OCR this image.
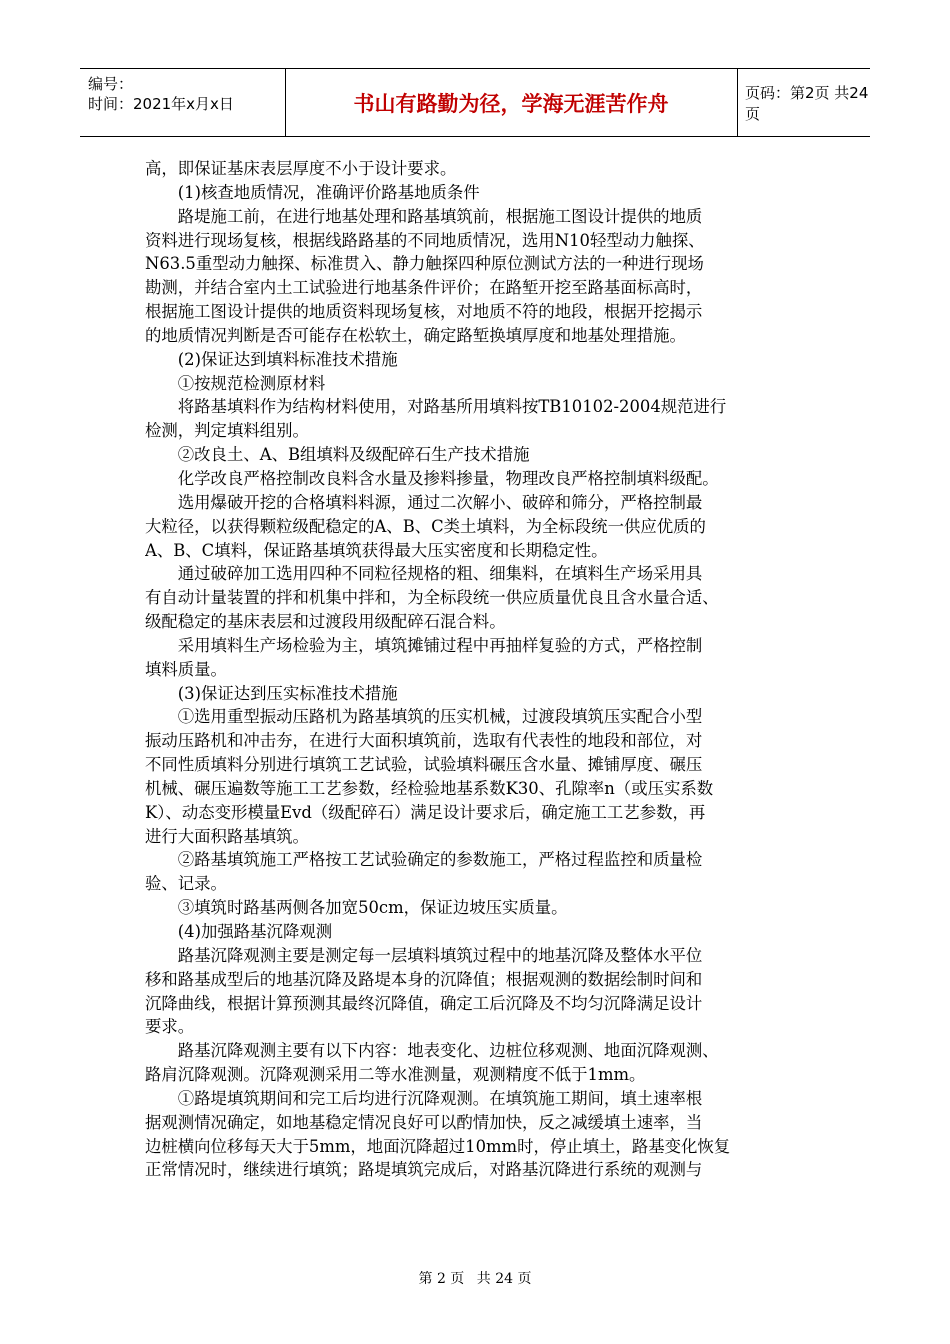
编号：
时间：2021年x月x日	书山有路勤为径，学海无涯苦作舟	页码：第2页 共24页
高，即保证基床表层厚度不小于设计要求。
　　(1)核查地质情况，准确评价路基地质条件
　　路堤施工前，在进行地基处理和路基填筑前，根据施工图设计提供的地质
资料进行现场复核，根据线路路基的不同地质情况，选用N10轻型动力触探、
N63.5重型动力触探、标准贯入、静力触探四种原位测试方法的一种进行现场
勘测，并结合室内土工试验进行地基条件评价；在路堑开挖至路基面标高时，
根据施工图设计提供的地质资料现场复核，对地质不符的地段，根据开挖揭示
的地质情况判断是否可能存在松软土，确定路堑换填厚度和地基处理措施。
　　(2)保证达到填料标准技术措施
　　①按规范检测原材料
　　将路基填料作为结构材料使用，对路基所用填料按TB10102-2004规范进行
检测，判定填料组别。
　　②改良土、A、B组填料及级配碎石生产技术措施
　　化学改良严格控制改良料含水量及掺料掺量，物理改良严格控制填料级配。
　　选用爆破开挖的合格填料料源，通过二次解小、破碎和筛分，严格控制最
大粒径，以获得颗粒级配稳定的A、B、C类土填料，为全标段统一供应优质的
A、B、C填料，保证路基填筑获得最大压实密度和长期稳定性。
　　通过破碎加工选用四种不同粒径规格的粗、细集料，在填料生产场采用具
有自动计量装置的拌和机集中拌和，为全标段统一供应质量优良且含水量合适、
级配稳定的基床表层和过渡段用级配碎石混合料。
　　采用填料生产场检验为主，填筑摊铺过程中再抽样复验的方式，严格控制
填料质量。
　　(3)保证达到压实标准技术措施
　　①选用重型振动压路机为路基填筑的压实机械，过渡段填筑压实配合小型
振动压路机和冲击夯，在进行大面积填筑前，选取有代表性的地段和部位，对
不同性质填料分别进行填筑工艺试验，试验填料碾压含水量、摊铺厚度、碾压
机械、碾压遍数等施工工艺参数，经检验地基系数K30、孔隙率n（或压实系数
K）、动态变形模量Evd（级配碎石）满足设计要求后，确定施工工艺参数，再
进行大面积路基填筑。
　　②路基填筑施工严格按工艺试验确定的参数施工，严格过程监控和质量检
验、记录。
　　③填筑时路基两侧各加宽50cm，保证边坡压实质量。
　　(4)加强路基沉降观测
　　路基沉降观测主要是测定每一层填料填筑过程中的地基沉降及整体水平位
移和路基成型后的地基沉降及路堤本身的沉降值；根据观测的数据绘制时间和
沉降曲线，根据计算预测其最终沉降值，确定工后沉降及不均匀沉降满足设计
要求。
　　路基沉降观测主要有以下内容：地表变化、边桩位移观测、地面沉降观测、
路肩沉降观测。沉降观测采用二等水准测量，观测精度不低于1mm。
　　①路堤填筑期间和完工后均进行沉降观测。在填筑施工期间，填土速率根
据观测情况确定，如地基稳定情况良好可以酌情加快，反之减缓填土速率，当
边桩横向位移每天大于5mm，地面沉降超过10mm时，停止填土，路基变化恢复
正常情况时，继续进行填筑；路堤填筑完成后，对路基沉降进行系统的观测与
第 2 页 共 24 页
